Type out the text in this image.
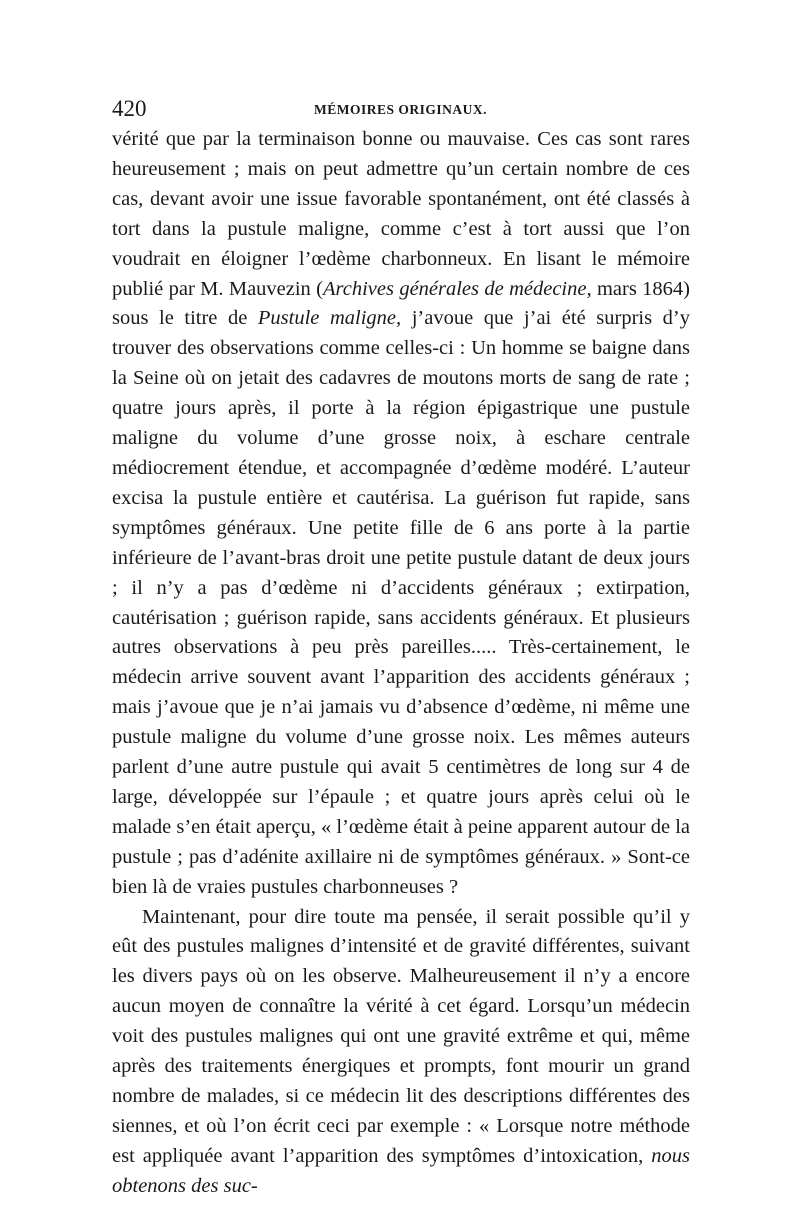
420	MÉMOIRES ORIGINAUX.

vérité que par la terminaison bonne ou mauvaise. Ces cas sont rares heureusement ; mais on peut admettre qu’un certain nombre de ces cas, devant avoir une issue favorable spontanément, ont été classés à tort dans la pustule maligne, comme c’est à tort aussi que l’on voudrait en éloigner l’œdème charbonneux. En lisant le mémoire publié par M. Mauvezin (Archives générales de médecine, mars 1864) sous le titre de Pustule maligne, j’avoue que j’ai été surpris d’y trouver des observations comme celles-ci : Un homme se baigne dans la Seine où on jetait des cadavres de moutons morts de sang de rate ; quatre jours après, il porte à la région épigastrique une pustule maligne du volume d’une grosse noix, à eschare centrale médiocrement étendue, et accompagnée d’œdème modéré. L’auteur excisa la pustule entière et cautérisa. La guérison fut rapide, sans symptômes généraux. Une petite fille de 6 ans porte à la partie inférieure de l’avant-bras droit une petite pustule datant de deux jours ; il n’y a pas d’œdème ni d’accidents généraux ; extirpation, cautérisation ; guérison rapide, sans accidents généraux. Et plusieurs autres observations à peu près pareilles..... Très-certainement, le médecin arrive souvent avant l’apparition des accidents généraux ; mais j’avoue que je n’ai jamais vu d’absence d’œdème, ni même une pustule maligne du volume d’une grosse noix. Les mêmes auteurs parlent d’une autre pustule qui avait 5 centimètres de long sur 4 de large, développée sur l’épaule ; et quatre jours après celui où le malade s’en était aperçu, « l’œdème était à peine apparent autour de la pustule ; pas d’adénite axillaire ni de symptômes généraux. » Sont-ce bien là de vraies pustules charbonneuses ?

Maintenant, pour dire toute ma pensée, il serait possible qu’il y eût des pustules malignes d’intensité et de gravité différentes, suivant les divers pays où on les observe. Malheureusement il n’y a encore aucun moyen de connaître la vérité à cet égard. Lorsqu’un médecin voit des pustules malignes qui ont une gravité extrême et qui, même après des traitements énergiques et prompts, font mourir un grand nombre de malades, si ce médecin lit des descriptions différentes des siennes, et où l’on écrit ceci par exemple : « Lorsque notre méthode est appliquée avant l’apparition des symptômes d’intoxication, nous obtenons des suc-
